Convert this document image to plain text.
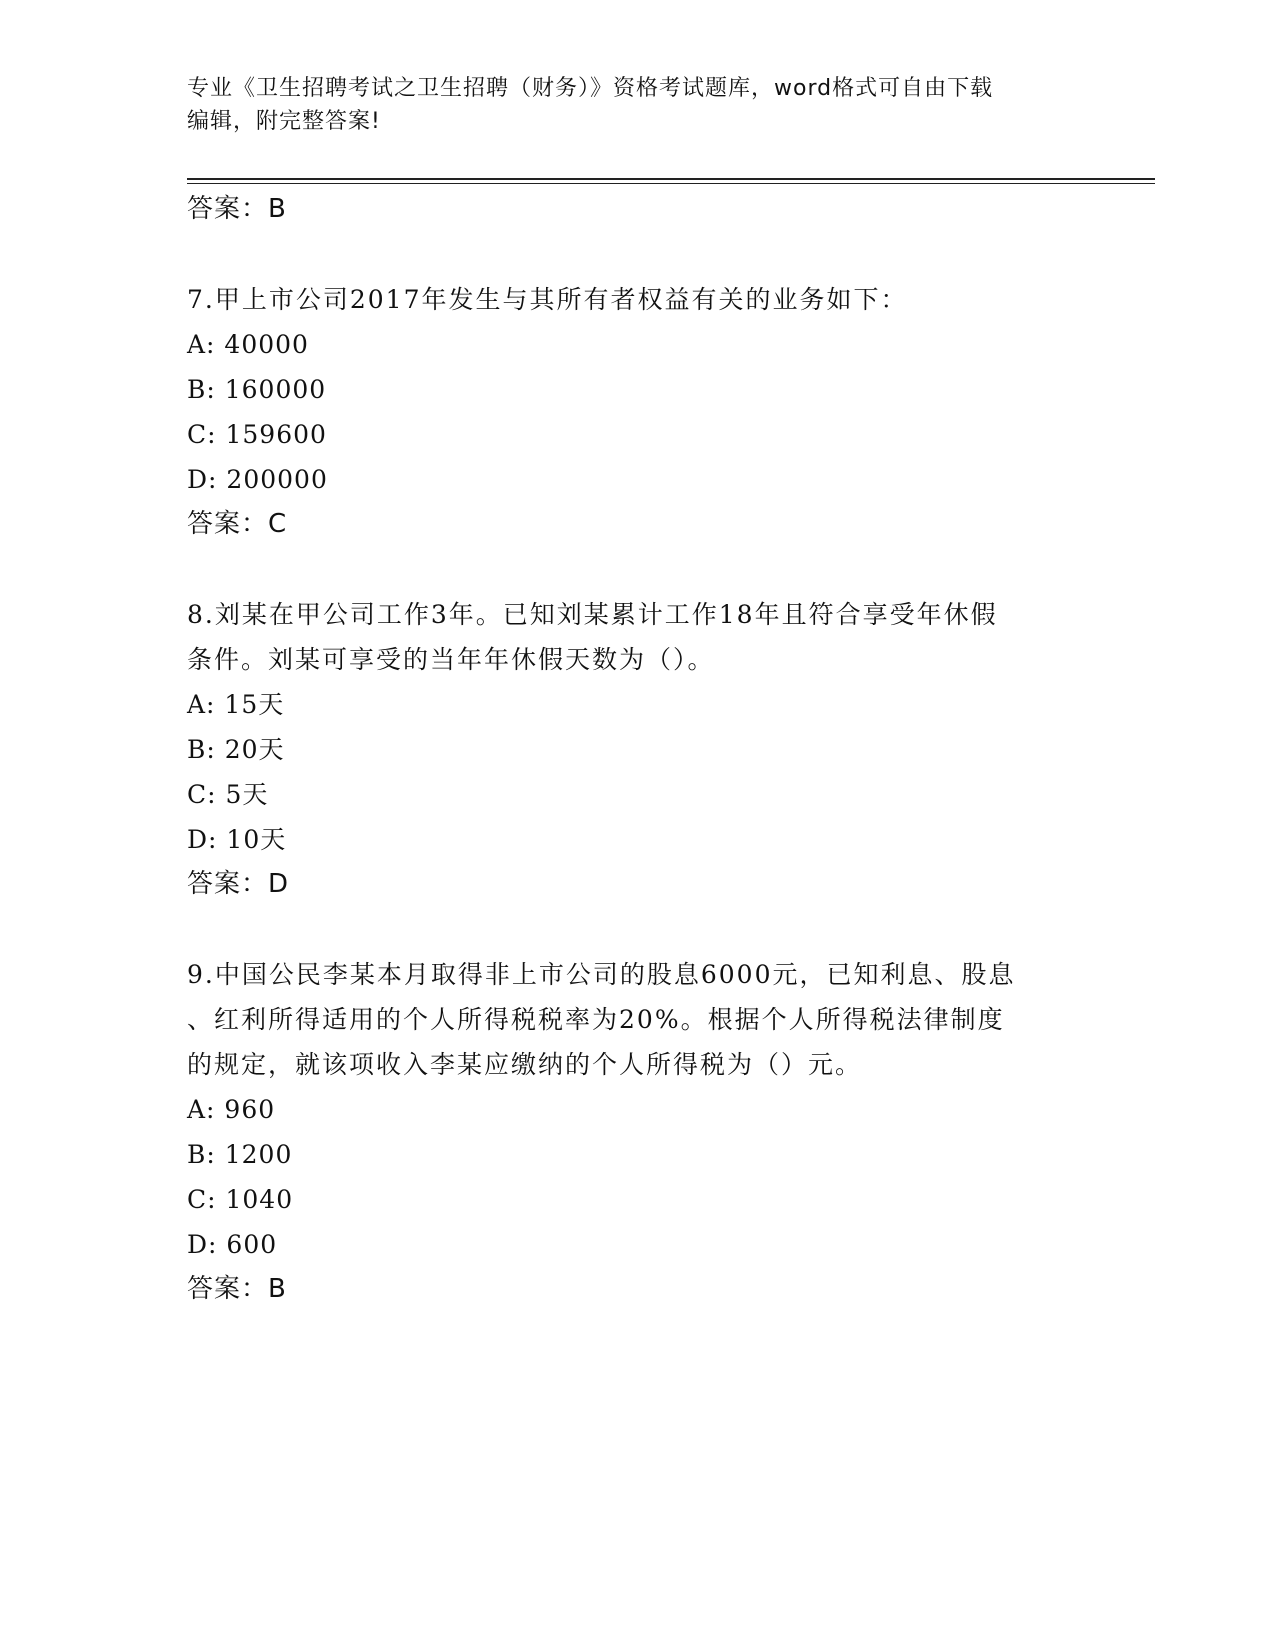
专业《卫生招聘考试之卫生招聘（财务）》资格考试题库，word格式可自由下载
编辑，附完整答案!
答案：B
7.甲上市公司2017年发生与其所有者权益有关的业务如下：
A: 40000
B: 160000
C: 159600
D: 200000
答案：C
8.刘某在甲公司工作3年。已知刘某累计工作18年且符合享受年休假
条件。刘某可享受的当年年休假天数为（）。
A: 15天
B: 20天
C: 5天
D: 10天
答案：D
9.中国公民李某本月取得非上市公司的股息6000元，已知利息、股息
、红利所得适用的个人所得税税率为20%。根据个人所得税法律制度
的规定，就该项收入李某应缴纳的个人所得税为（）元。
A: 960
B: 1200
C: 1040
D: 600
答案：B
